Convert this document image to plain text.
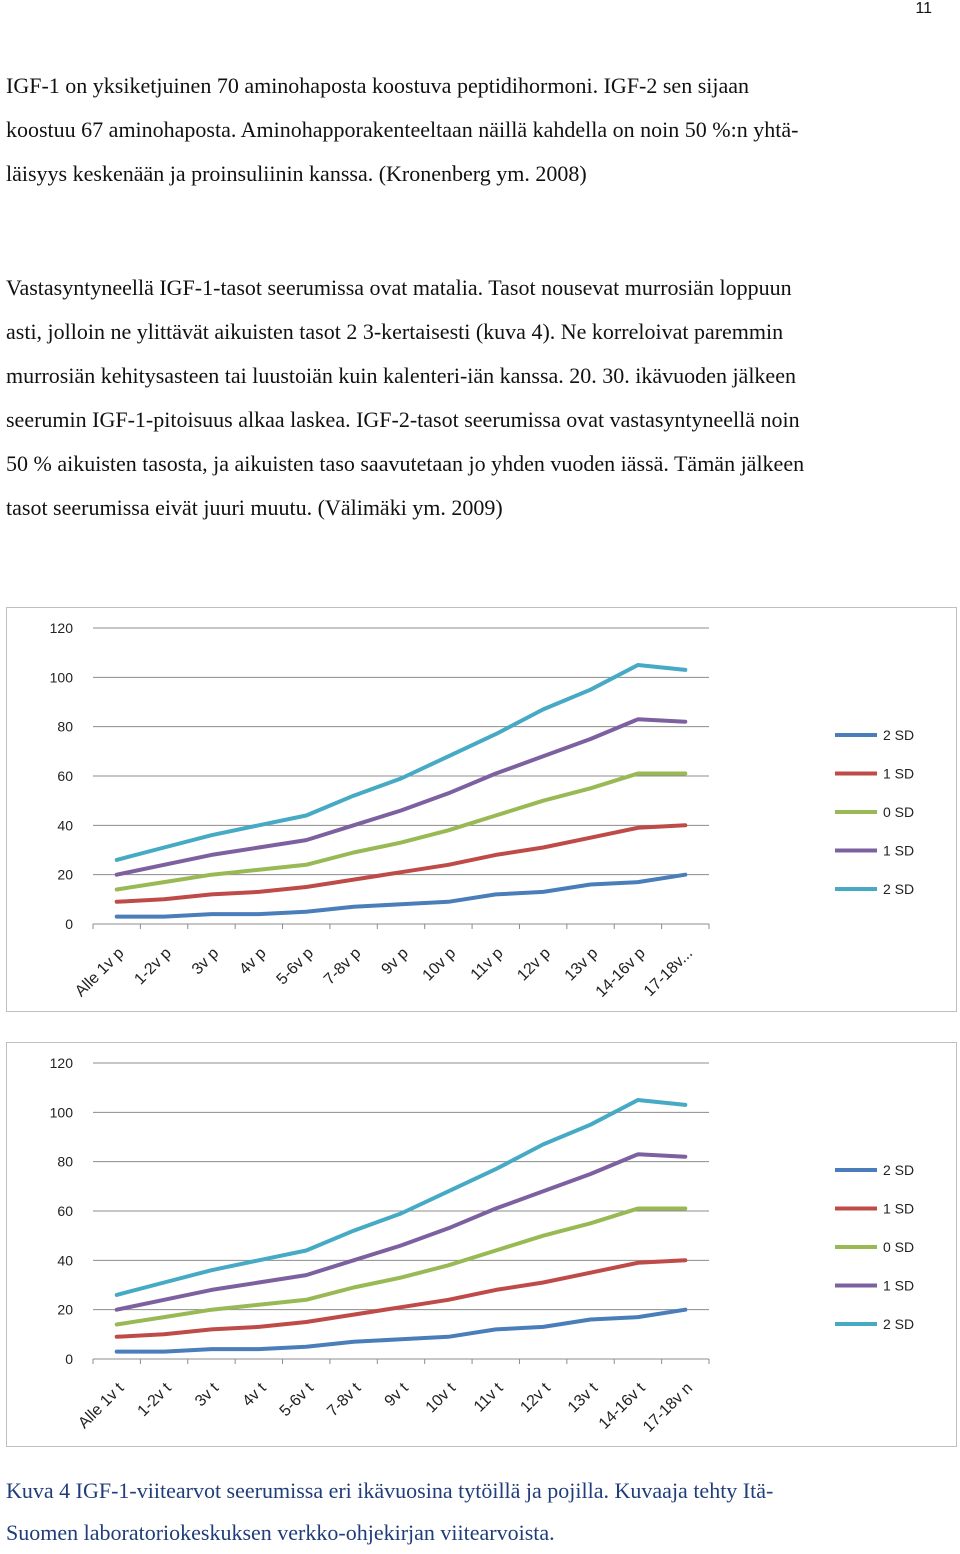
11
IGF-1 on yksiketjuinen 70 aminohaposta koostuva peptidihormoni. IGF-2 sen sijaan
koostuu 67 aminohaposta. Aminohapporakenteeltaan näillä kahdella on noin 50 %:n yhtä-
läisyys keskenään ja proinsuliinin kanssa. (Kronenberg ym. 2008)
Vastasyntyneellä IGF-1-tasot seerumissa ovat matalia. Tasot nousevat murrosiän loppuun
asti, jolloin ne ylittävät aikuisten tasot 2 3-kertaisesti (kuva 4). Ne korreloivat paremmin
murrosiän kehitysasteen tai luustoiän kuin kalenteri-iän kanssa. 20. 30. ikävuoden jälkeen
seerumin IGF-1-pitoisuus alkaa laskea. IGF-2-tasot seerumissa ovat vastasyntyneellä noin
50 % aikuisten tasosta, ja aikuisten taso saavutetaan jo yhden vuoden iässä. Tämän jälkeen
tasot seerumissa eivät juuri muutu. (Välimäki ym. 2009)
0
20
40
60
80
100
120
Alle 1v p 1-2v p 3v p 4v p 5-6v p 7-8v p 9v p 10v p 11v p 12v p 13v p
14-16v p
17-18v...
2 SD
1 SD
0 SD
1 SD
2 SD
0
20
40
60
80
100
120
Alle 1v t 1-2v t 3v t 4v t 5-6v t 7-8v t 9v t 10v t 11v t 12v t 13v t
14-16v t
17-18v n
2 SD
1 SD
0 SD
1 SD
2 SD
Kuva 4 IGF-1-viitearvot seerumissa eri ikävuosina tytöillä ja pojilla. Kuvaaja tehty Itä-
Suomen laboratoriokeskuksen verkko-ohjekirjan viitearvoista.
